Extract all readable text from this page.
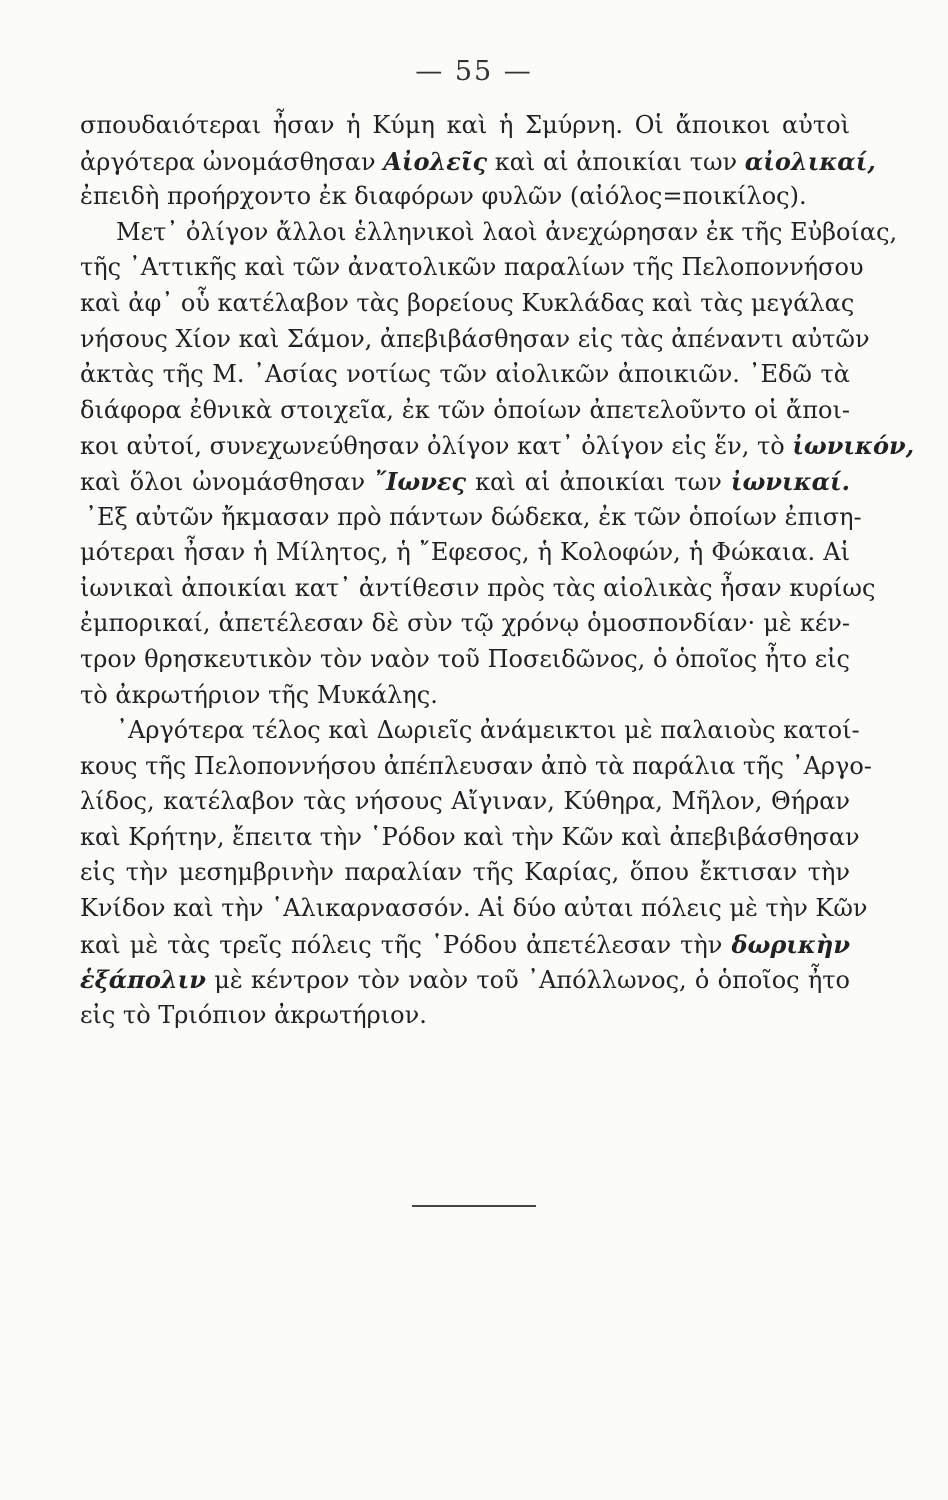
— 55 —
σπουδαιότεραι ἦσαν ἡ Κύμη καὶ ἡ Σμύρνη. Οἱ ἄποικοι αὐτοὶ
ἀργότερα ὠνομάσθησαν Αἰολεῖς καὶ αἱ ἀποικίαι των αἰολικαί,
ἐπειδὴ προήρχοντο ἐκ διαφόρων φυλῶν (αἰόλος=ποικίλος).
Μετ᾽ ὀλίγον ἄλλοι ἑλληνικοὶ λαοὶ ἀνεχώρησαν ἐκ τῆς Εὐβοίας,
τῆς ᾽Αττικῆς καὶ τῶν ἀνατολικῶν παραλίων τῆς Πελοποννήσου
καὶ ἀφ᾽ οὗ κατέλαβον τὰς βορείους Κυκλάδας καὶ τὰς μεγάλας
νήσους Χίον καὶ Σάμον, ἀπεβιβάσθησαν εἰς τὰς ἀπέναντι αὐτῶν
ἀκτὰς τῆς Μ. ᾽Ασίας νοτίως τῶν αἰολικῶν ἀποικιῶν. ᾽Εδῶ τὰ
διάφορα ἐθνικὰ στοιχεῖα, ἐκ τῶν ὁποίων ἀπετελοῦντο οἱ ἄποι-
κοι αὐτοί, συνεχωνεύθησαν ὀλίγον κατ᾽ ὀλίγον εἰς ἕν, τὸ ἰωνικόν,
καὶ ὅλοι ὠνομάσθησαν ῎Ιωνες καὶ αἱ ἀποικίαι των ἰωνικαί.
᾽Εξ αὐτῶν ἤκμασαν πρὸ πάντων δώδεκα, ἐκ τῶν ὁποίων ἐπιση-
μότεραι ἦσαν ἡ Μίλητος, ἡ ῎Εφεσος, ἡ Κολοφών, ἡ Φώκαια. Αἱ
ἰωνικαὶ ἀποικίαι κατ᾽ ἀντίθεσιν πρὸς τὰς αἰολικὰς ἦσαν κυρίως
ἐμπορικαί, ἀπετέλεσαν δὲ σὺν τῷ χρόνῳ ὁμοσπονδίαν· μὲ κέν-
τρον θρησκευτικὸν τὸν ναὸν τοῦ Ποσειδῶνος, ὁ ὁποῖος ἦτο εἰς
τὸ ἀκρωτήριον τῆς Μυκάλης.
᾽Αργότερα τέλος καὶ Δωριεῖς ἀνάμεικτοι μὲ παλαιοὺς κατοί-
κους τῆς Πελοποννήσου ἀπέπλευσαν ἀπὸ τὰ παράλια τῆς ᾽Αργο-
λίδος, κατέλαβον τὰς νήσους Αἴγιναν, Κύθηρα, Μῆλον, Θήραν
καὶ Κρήτην, ἔπειτα τὴν ῾Ρόδον καὶ τὴν Κῶν καὶ ἀπεβιβάσθησαν
εἰς τὴν μεσημβρινὴν παραλίαν τῆς Καρίας, ὅπου ἔκτισαν τὴν
Κνίδον καὶ τὴν ῾Αλικαρνασσόν. Αἱ δύο αὐται πόλεις μὲ τὴν Κῶν
καὶ μὲ τὰς τρεῖς πόλεις τῆς ῾Ρόδου ἀπετέλεσαν τὴν δωρικὴν
ἑξάπολιν μὲ κέντρον τὸν ναὸν τοῦ ᾽Απόλλωνος, ὁ ὁποῖος ἦτο
εἰς τὸ Τριόπιον ἀκρωτήριον.
